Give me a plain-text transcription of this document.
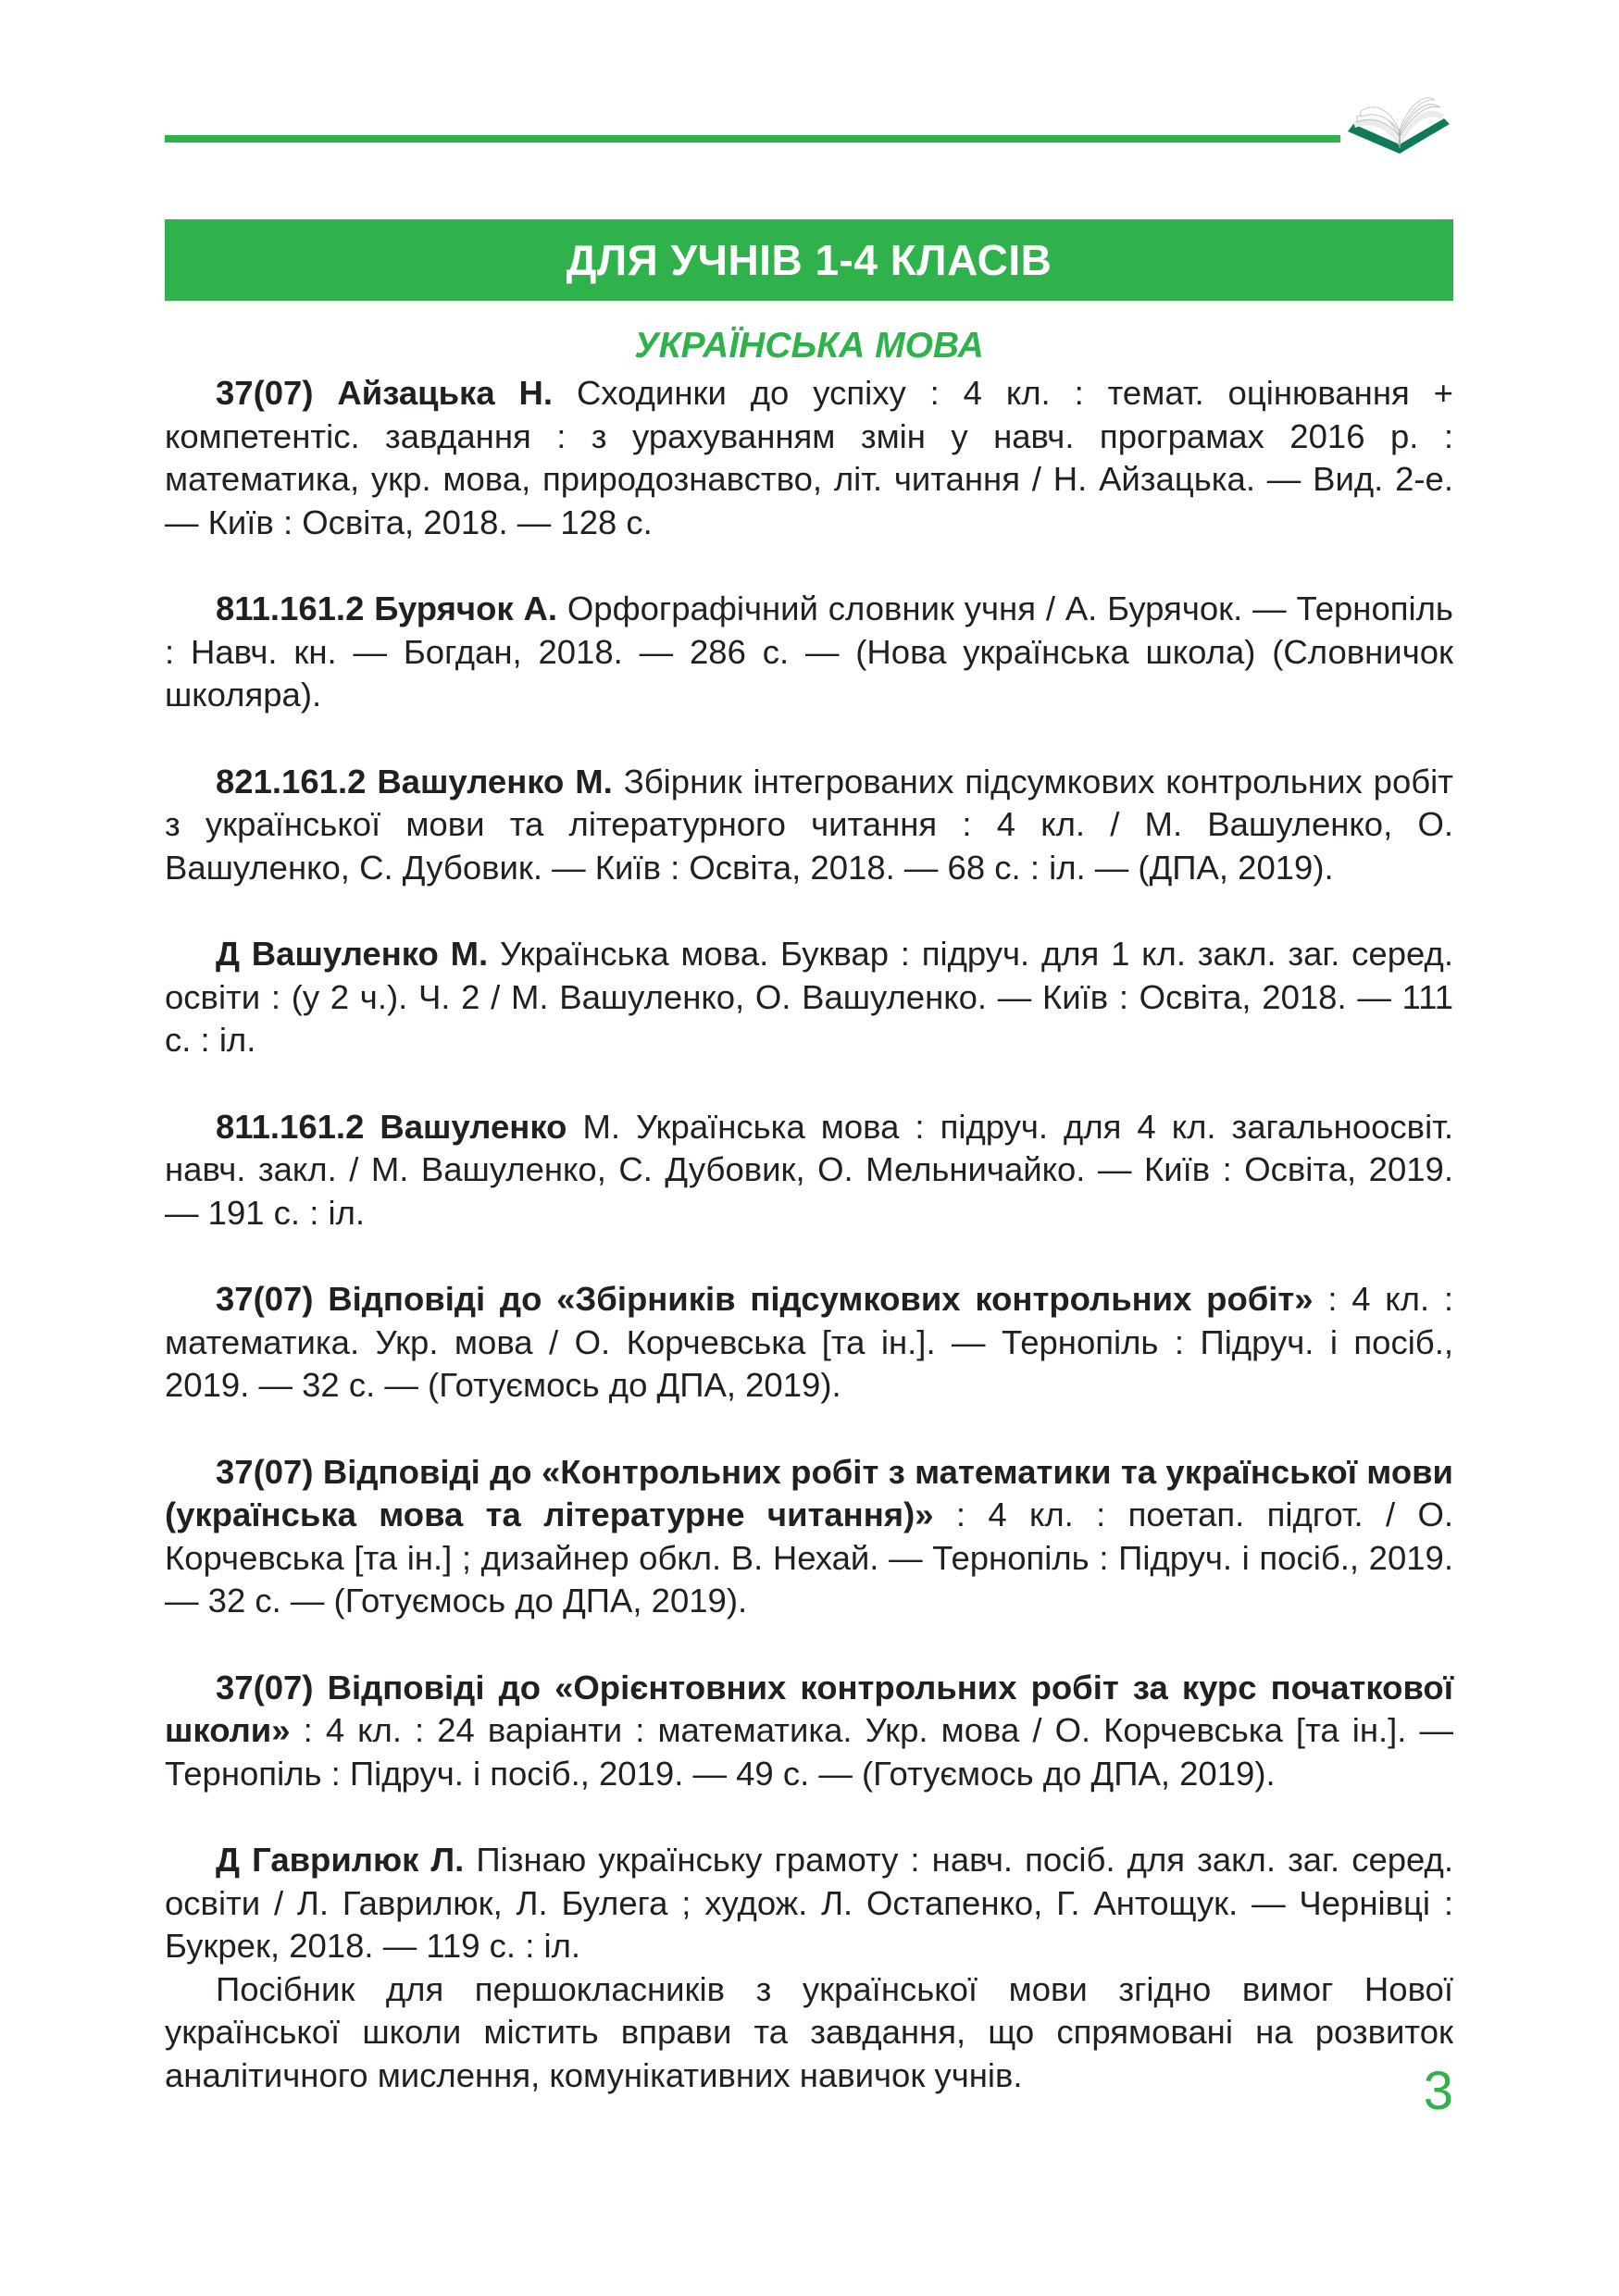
ДЛЯ УЧНІВ 1-4 КЛАСІВ
УКРАЇНСЬКА МОВА

37(07) Айзацька Н. Сходинки до успіху : 4 кл. : темат. оцінювання + компетентіс. завдання : з урахуванням змін у навч. програмах 2016 р. : математика, укр. мова, природознавство, літ. читання / Н. Айзацька. — Вид. 2-е. — Київ : Освіта, 2018. — 128 с.

811.161.2 Бурячок А. Орфографічний словник учня / А. Бурячок. — Тернопіль : Навч. кн. — Богдан, 2018. — 286 с. — (Нова українська школа) (Словничок школяра).

821.161.2 Вашуленко М. Збірник інтегрованих підсумкових контрольних робіт з української мови та літературного читання : 4 кл. / М. Вашуленко, О. Вашуленко, С. Дубовик. — Київ : Освіта, 2018. — 68 с. : іл. — (ДПА, 2019).

Д Вашуленко М. Українська мова. Буквар : підруч. для 1 кл. закл. заг. серед. освіти : (у 2 ч.). Ч. 2 / М. Вашуленко, О. Вашуленко. — Київ : Освіта, 2018. — 111 с. : іл.

811.161.2 Вашуленко М. Українська мова : підруч. для 4 кл. загальноосвіт. навч. закл. / М. Вашуленко, С. Дубовик, О. Мельничайко. — Київ : Освіта, 2019. — 191 с. : іл.

37(07) Відповіді до «Збірників підсумкових контрольних робіт» : 4 кл. : математика. Укр. мова / О. Корчевська [та ін.]. — Тернопіль : Підруч. і посіб., 2019. — 32 с. — (Готуємось до ДПА, 2019).

37(07) Відповіді до «Контрольних робіт з математики та української мови (українська мова та літературне читання)» : 4 кл. : поетап. підгот. / О. Корчевська [та ін.] ; дизайнер обкл. В. Нехай. — Тернопіль : Підруч. і посіб., 2019. — 32 с. — (Готуємось до ДПА, 2019).

37(07) Відповіді до «Орієнтовних контрольних робіт за курс початкової школи» : 4 кл. : 24 варіанти : математика. Укр. мова / О. Корчевська [та ін.]. — Тернопіль : Підруч. і посіб., 2019. — 49 с. — (Готуємось до ДПА, 2019).

Д Гаврилюк Л. Пізнаю українську грамоту : навч. посіб. для закл. заг. серед. освіти / Л. Гаврилюк, Л. Булега ; худож. Л. Остапенко, Г. Антощук. — Чернівці : Букрек, 2018. — 119 с. : іл.

Посібник для першокласників з української мови згідно вимог Нової української школи містить вправи та завдання, що спрямовані на розвиток аналітичного мислення, комунікативних навичок учнів.	3
